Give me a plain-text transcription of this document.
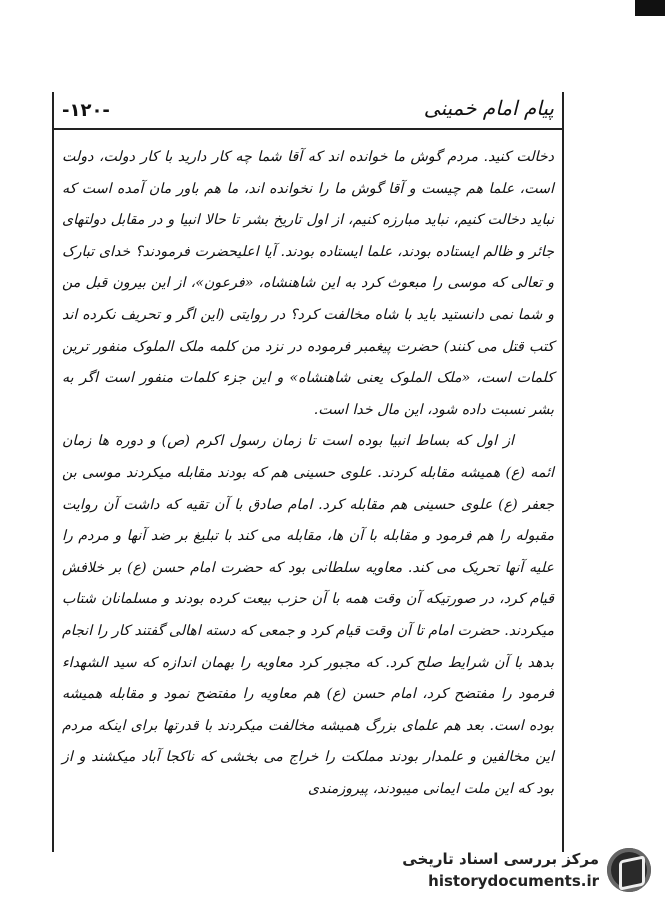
-۱۲۰-	پیام امام خمینی

دخالت کنید. مردم گوش ما خوانده اند که آقا شما چه کار دارید با کار دولت، دولت است، علما هم چیست و آقا گوش ما را نخوانده اند، ما هم باور مان آمده است که نباید دخالت کنیم، نباید مبارزه کنیم، از اول تاریخ بشر تا حالا انبیا و در مقابل دولتهای جائر و ظالم ایستاده بودند، علما ایستاده بودند. آیا اعلیحضرت فرمودند؟ خدای تبارک و تعالی که موسی را مبعوث کرد به این شاهنشاه، «فرعون»، از این بیرون قبل من و شما نمی دانستید باید با شاه مخالفت کرد؟ در روایتی (این اگر و تحریف نکرده اند کتب قتل می کنند) حضرت پیغمبر فرموده در نزد من کلمه ملک الملوک منفور ترین کلمات است، «ملک الملوک یعنی شاهنشاه» و این جزء کلمات منفور است اگر به بشر نسبت داده شود، این مال خدا است.

از اول که بساط انبیا بوده است تا زمان رسول اکرم (ص) و دوره ها زمان ائمه (ع) همیشه مقابله کردند. علوی حسینی هم که بودند مقابله میکردند موسی بن جعفر (ع) علوی حسینی هم مقابله کرد. امام صادق با آن تقیه که داشت آن روایت مقبوله را هم فرمود و مقابله با آن ها، مقابله می کند با تبلیغ بر ضد آنها و مردم را علیه آنها تحریک می کند. معاویه سلطانی بود که حضرت امام حسن (ع) بر خلافش قیام کرد، در صورتیکه آن وقت همه با آن حزب بیعت کرده بودند و مسلمانان شتاب میکردند. حضرت امام تا آن وقت قیام کرد و جمعی که دسته اهالی گفتند کار را انجام بدهد با آن شرایط صلح کرد. که مجبور کرد معاویه را بهمان اندازه که سید الشهداء فرمود را مفتضح کرد، امام حسن (ع) هم معاویه را مفتضح نمود و مقابله همیشه بوده است. بعد هم علمای بزرگ همیشه مخالفت میکردند با قدرتها برای اینکه مردم این مخالفین و علمدار بودند مملکت را خراج می بخشی که ناکجا آباد میکشند و از بود که این ملت ایمانی میبودند، پیروزمندی

مرکز بررسی اسناد تاریخی
historydocuments.ir
